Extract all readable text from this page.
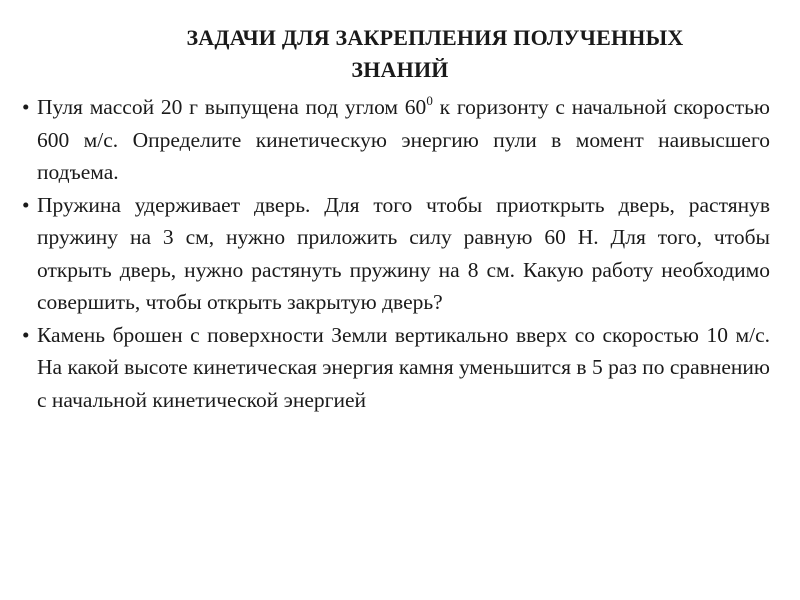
ЗАДАЧИ ДЛЯ ЗАКРЕПЛЕНИЯ ПОЛУЧЕННЫХ
ЗНАНИЙ
• Пуля массой 20 г выпущена под углом $60^0$ к горизонту с начальной скоростью 600 м/с. Определите кинетическую энергию пули в момент наивысшего подъема.
• Пружина удерживает дверь. Для того чтобы приоткрыть дверь, растянув пружину на 3 см, нужно приложить силу равную 60 Н. Для того, чтобы открыть дверь, нужно растянуть пружину на 8 см. Какую работу необходимо совершить, чтобы открыть закрытую дверь?
• Камень брошен с поверхности Земли вертикально вверх со скоростью 10 м/с. На какой высоте кинетическая энергия камня уменьшится в 5 раз по сравнению с начальной кинетической энергией
